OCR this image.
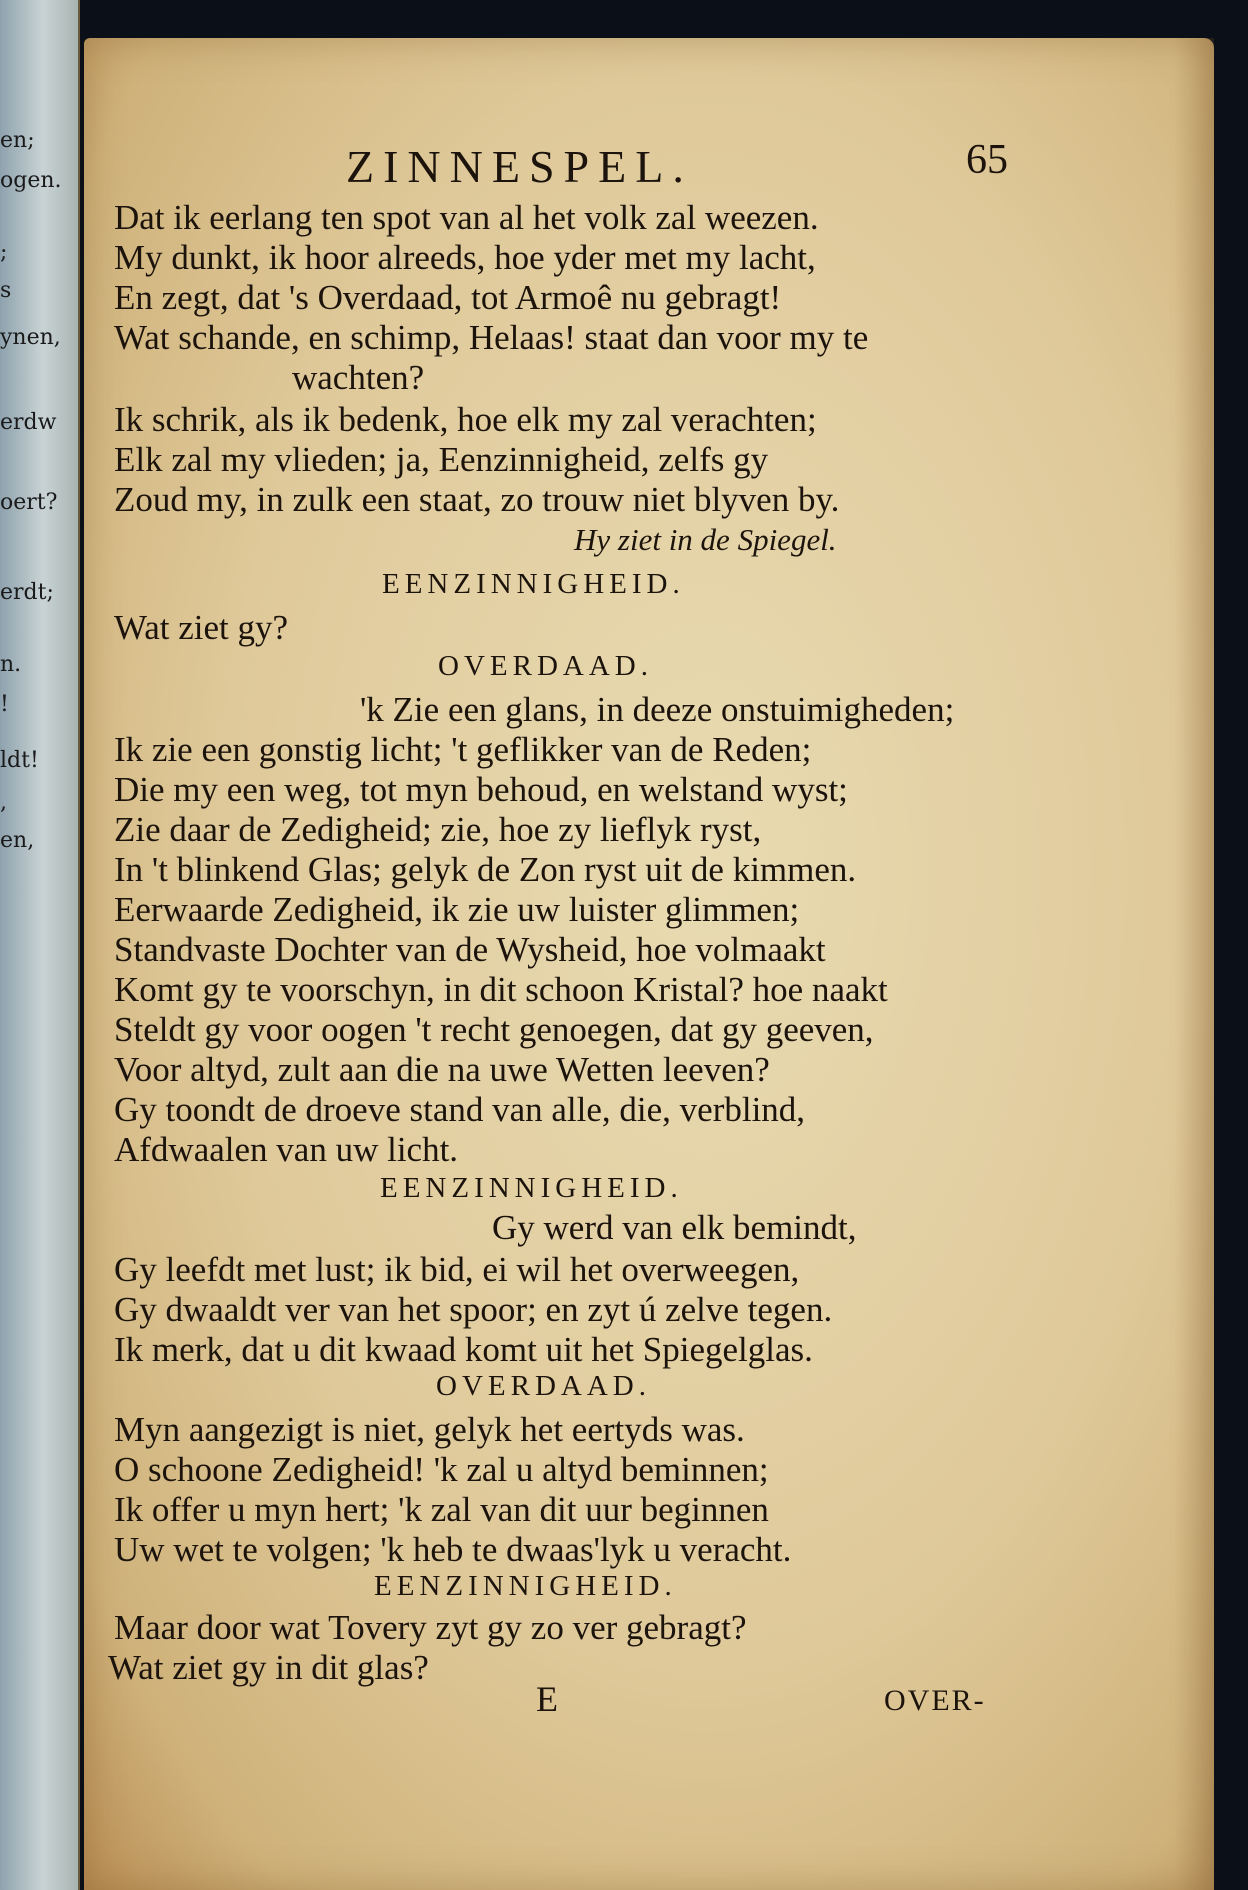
en;
ogen.
;
s
ynen,
erdw
oert?
erdt;
n.
!
ldt!
,
en,
ZINNESPEL.	65
Dat ik eerlang ten spot van al het volk zal weezen.
My dunkt, ik hoor alreeds, hoe yder met my lacht,
En zegt, dat 's Overdaad, tot Armoê nu gebragt!
Wat schande, en schimp, Helaas! staat dan voor my te
wachten?
Ik schrik, als ik bedenk, hoe elk my zal verachten;
Elk zal my vlieden; ja, Eenzinnigheid, zelfs gy
Zoud my, in zulk een staat, zo trouw niet blyven by.
Hy ziet in de Spiegel.
EENZINNIGHEID.
Wat ziet gy?
OVERDAAD.
'k Zie een glans, in deeze onstuimigheden;
Ik zie een gonstig licht; 't geflikker van de Reden;
Die my een weg, tot myn behoud, en welstand wyst;
Zie daar de Zedigheid; zie, hoe zy lieflyk ryst,
In 't blinkend Glas; gelyk de Zon ryst uit de kimmen.
Eerwaarde Zedigheid, ik zie uw luister glimmen;
Standvaste Dochter van de Wysheid, hoe volmaakt
Komt gy te voorschyn, in dit schoon Kristal? hoe naakt
Steldt gy voor oogen 't recht genoegen, dat gy geeven,
Voor altyd, zult aan die na uwe Wetten leeven?
Gy toondt de droeve stand van alle, die, verblind,
Afdwaalen van uw licht.
EENZINNIGHEID.
Gy werd van elk bemindt,
Gy leefdt met lust; ik bid, ei wil het overweegen,
Gy dwaaldt ver van het spoor; en zyt ú zelve tegen.
Ik merk, dat u dit kwaad komt uit het Spiegelglas.
OVERDAAD.
Myn aangezigt is niet, gelyk het eertyds was.
O schoone Zedigheid! 'k zal u altyd beminnen;
Ik offer u myn hert; 'k zal van dit uur beginnen
Uw wet te volgen; 'k heb te dwaas'lyk u veracht.
EENZINNIGHEID.
Maar door wat Tovery zyt gy zo ver gebragt?
Wat ziet gy in dit glas?
E	OVER-
